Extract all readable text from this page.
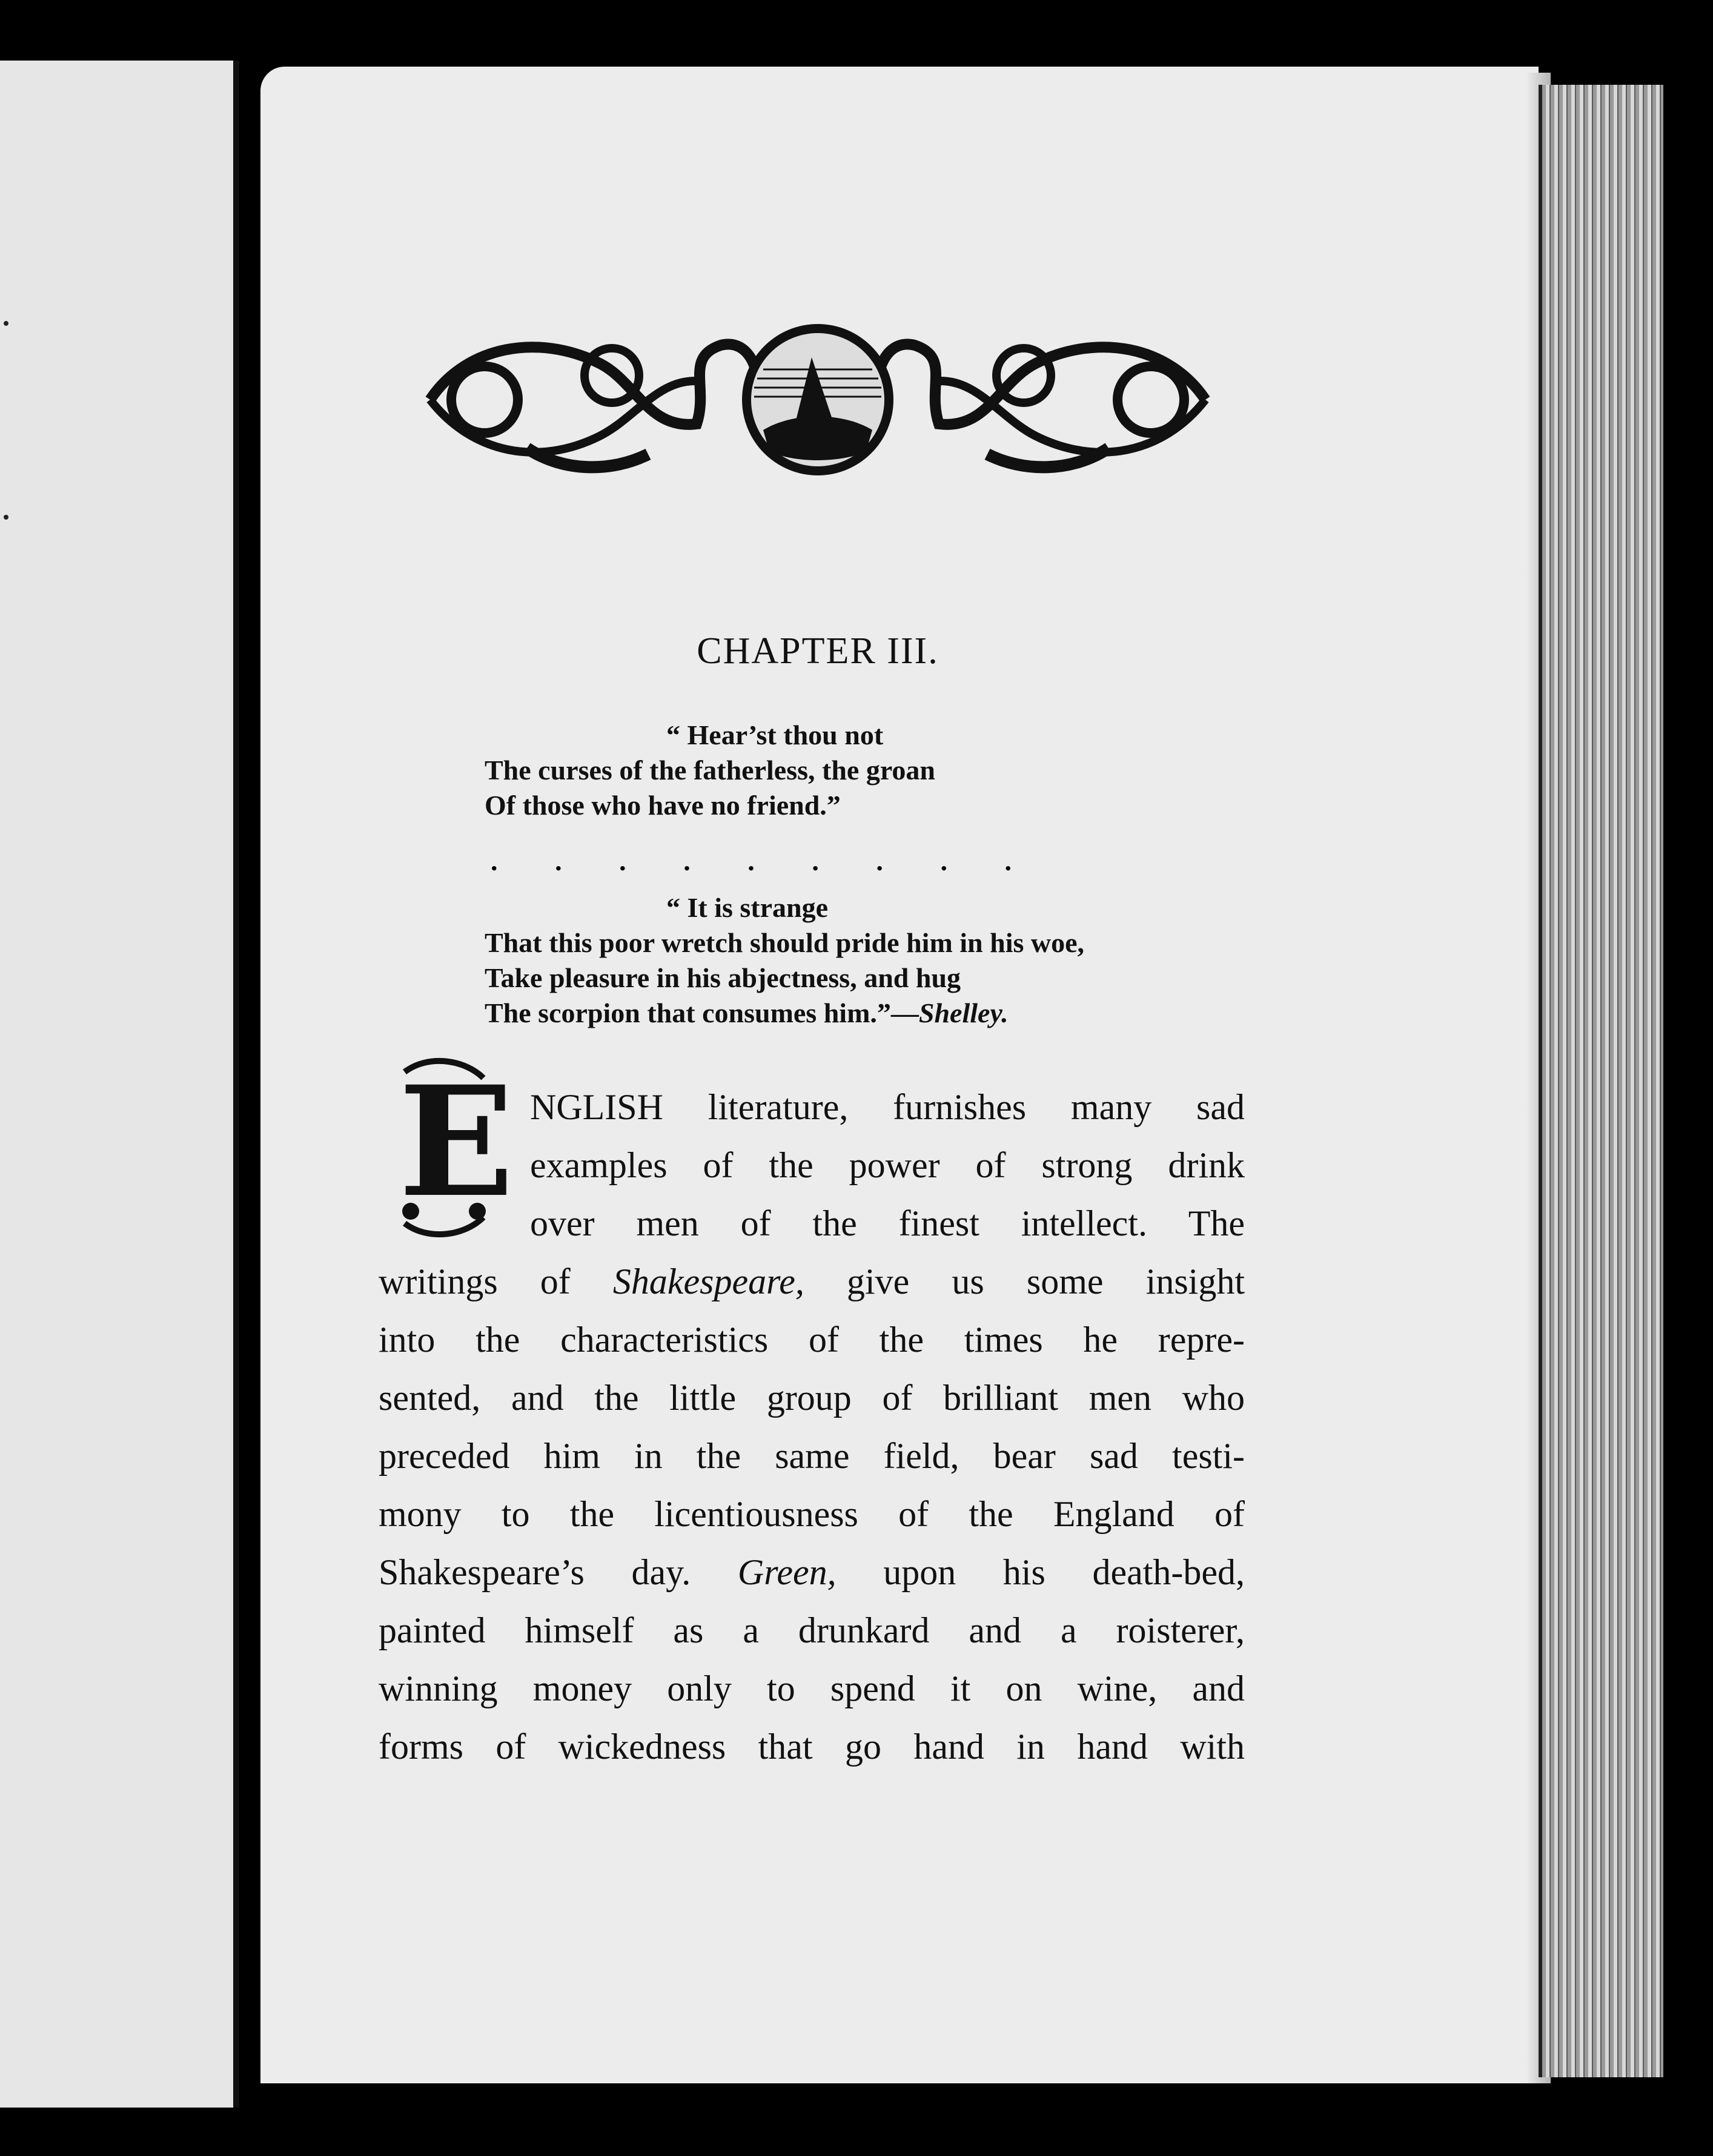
CHAPTER III.
“ Hear’st thou not
The curses of the fatherless, the groan
Of those who have no friend.”
. . . . . . . . .
“ It is strange
That this poor wretch should pride him in his woe,
Take pleasure in his abjectness, and hug
The scorpion that consumes him.”—Shelley.
E NGLISH literature, furnishes many sad
examples of the power of strong drink
over men of the finest intellect. The
writings of Shakespeare, give us some insight
into the characteristics of the times he repre-
sented, and the little group of brilliant men who
preceded him in the same field, bear sad testi-
mony to the licentiousness of the England of
Shakespeare’s day. Green, upon his death-bed,
painted himself as a drunkard and a roisterer,
winning money only to spend it on wine, and
forms of wickedness that go hand in hand with
